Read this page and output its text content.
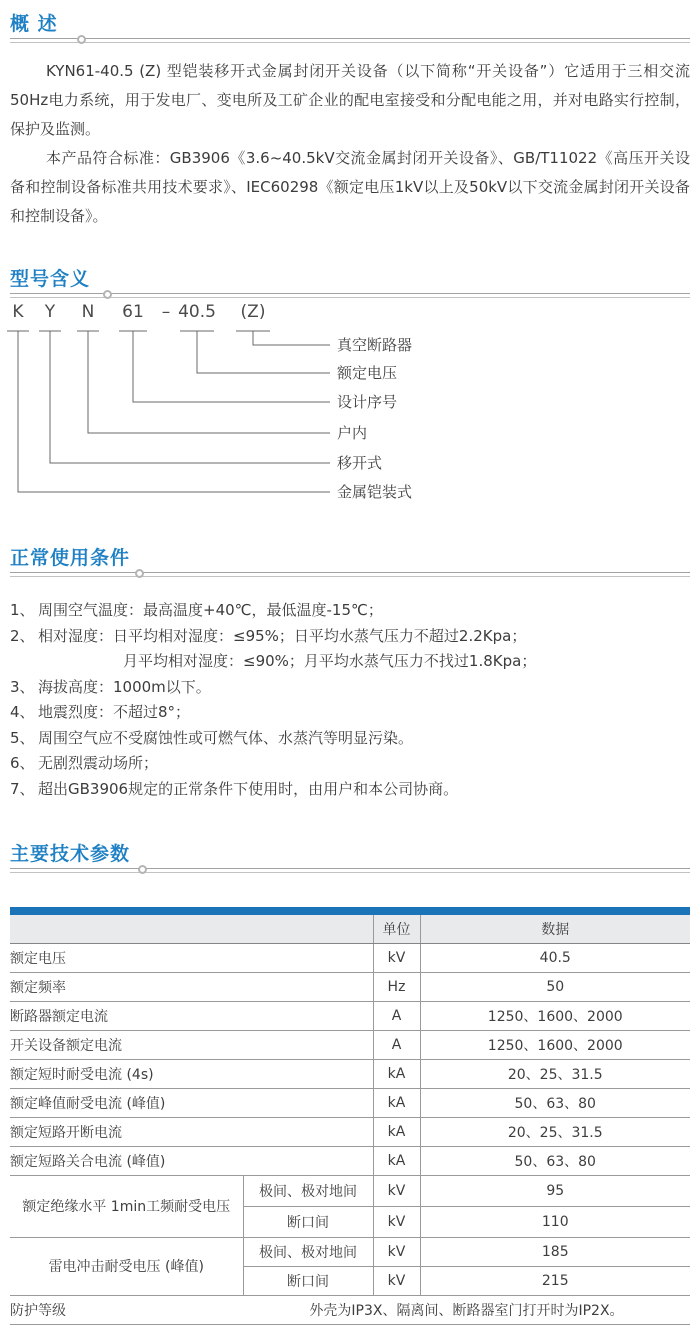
概 述

KYN61-40.5 (Z) 型铠装移开式金属封闭开关设备（以下简称“开关设备”）它适用于三相交流50Hz电力系统，用于发电厂、变电所及工矿企业的配电室接受和分配电能之用，并对电路实行控制，保护及监测。

本产品符合标准：GB3906《3.6~40.5kV交流金属封闭开关设备》、GB/T11022《高压开关设备和控制设备标准共用技术要求》、IEC60298《额定电压1kV以上及50kV以下交流金属封闭开关设备和控制设备》。

型号含义
K Y N 61 – 40.5 (Z)
真空断路器
额定电压
设计序号
户内
移开式
金属铠装式
正常使用条件
1、 周围空气温度：最高温度+40℃，最低温度-15℃；
2、 相对湿度：日平均相对湿度：≤95%；日平均水蒸气压力不超过2.2Kpa；
月平均相对湿度：≤90%；月平均水蒸气压力不找过1.8Kpa；
3、 海拔高度：1000m以下。
4、 地震烈度：不超过8°；
5、 周围空气应不受腐蚀性或可燃气体、水蒸汽等明显污染。
6、 无剧烈震动场所；
7、 超出GB3906规定的正常条件下使用时，由用户和本公司协商。
主要技术参数
		单位	数据
额定电压		kV	40.5
额定频率		Hz	50
断路器额定电流		A	1250、1600、2000
开关设备额定电流		A	1250、1600、2000
额定短时耐受电流 (4s)		kA	20、25、31.5
额定峰值耐受电流 (峰值)		kA	50、63、80
额定短路开断电流		kA	20、25、31.5
额定短路关合电流 (峰值)		kA	50、63、80
额定绝缘水平 1min工频耐受电压	极间、极对地间	kV	95
	断口间	kV	110
雷电冲击耐受电压 (峰值)	极间、极对地间	kV	185
	断口间	kV	215
防护等级	外壳为IP3X、隔离间、断路器室门打开时为IP2X。		
